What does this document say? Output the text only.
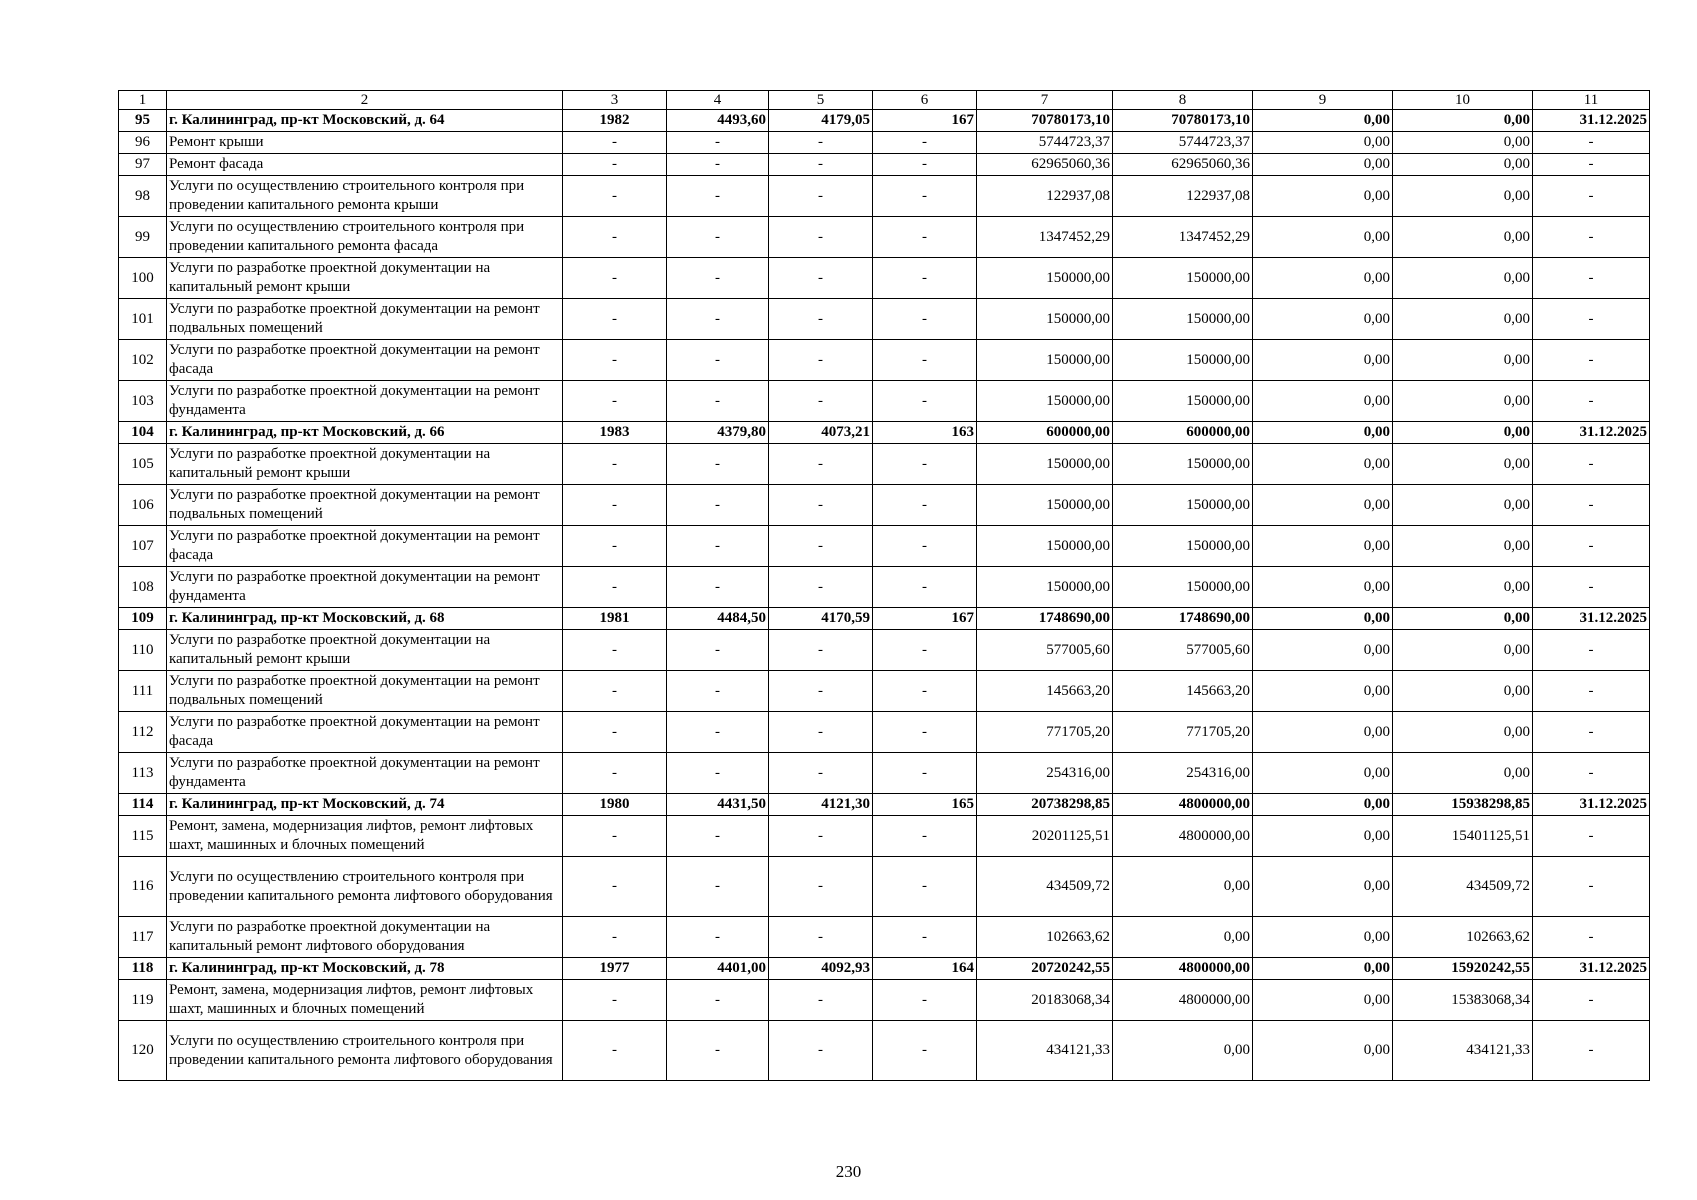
1	2	3	4	5	6	7	8	9	10	11
95	г. Калининград, пр-кт Московский, д. 64	1982	4493,60	4179,05	167	70780173,10	70780173,10	0,00	0,00	31.12.2025
96	Ремонт крыши	-	-	-	-	5744723,37	5744723,37	0,00	0,00	-
97	Ремонт фасада	-	-	-	-	62965060,36	62965060,36	0,00	0,00	-
98	Услуги по осуществлению строительного контроля при проведении капитального ремонта крыши	-	-	-	-	122937,08	122937,08	0,00	0,00	-
99	Услуги по осуществлению строительного контроля при проведении капитального ремонта фасада	-	-	-	-	1347452,29	1347452,29	0,00	0,00	-
100	Услуги по разработке проектной документации на капитальный ремонт крыши	-	-	-	-	150000,00	150000,00	0,00	0,00	-
101	Услуги по разработке проектной документации на ремонт подвальных помещений	-	-	-	-	150000,00	150000,00	0,00	0,00	-
102	Услуги по разработке проектной документации на ремонт фасада	-	-	-	-	150000,00	150000,00	0,00	0,00	-
103	Услуги по разработке проектной документации на ремонт фундамента	-	-	-	-	150000,00	150000,00	0,00	0,00	-
104	г. Калининград, пр-кт Московский, д. 66	1983	4379,80	4073,21	163	600000,00	600000,00	0,00	0,00	31.12.2025
105	Услуги по разработке проектной документации на капитальный ремонт крыши	-	-	-	-	150000,00	150000,00	0,00	0,00	-
106	Услуги по разработке проектной документации на ремонт подвальных помещений	-	-	-	-	150000,00	150000,00	0,00	0,00	-
107	Услуги по разработке проектной документации на ремонт фасада	-	-	-	-	150000,00	150000,00	0,00	0,00	-
108	Услуги по разработке проектной документации на ремонт фундамента	-	-	-	-	150000,00	150000,00	0,00	0,00	-
109	г. Калининград, пр-кт Московский, д. 68	1981	4484,50	4170,59	167	1748690,00	1748690,00	0,00	0,00	31.12.2025
110	Услуги по разработке проектной документации на капитальный ремонт крыши	-	-	-	-	577005,60	577005,60	0,00	0,00	-
111	Услуги по разработке проектной документации на ремонт подвальных помещений	-	-	-	-	145663,20	145663,20	0,00	0,00	-
112	Услуги по разработке проектной документации на ремонт фасада	-	-	-	-	771705,20	771705,20	0,00	0,00	-
113	Услуги по разработке проектной документации на ремонт фундамента	-	-	-	-	254316,00	254316,00	0,00	0,00	-
114	г. Калининград, пр-кт Московский, д. 74	1980	4431,50	4121,30	165	20738298,85	4800000,00	0,00	15938298,85	31.12.2025
115	Ремонт, замена, модернизация лифтов, ремонт лифтовых шахт, машинных и блочных помещений	-	-	-	-	20201125,51	4800000,00	0,00	15401125,51	-
116	Услуги по осуществлению строительного контроля при проведении капитального ремонта лифтового оборудования	-	-	-	-	434509,72	0,00	0,00	434509,72	-
117	Услуги по разработке проектной документации на капитальный ремонт лифтового оборудования	-	-	-	-	102663,62	0,00	0,00	102663,62	-
118	г. Калининград, пр-кт Московский, д. 78	1977	4401,00	4092,93	164	20720242,55	4800000,00	0,00	15920242,55	31.12.2025
119	Ремонт, замена, модернизация лифтов, ремонт лифтовых шахт, машинных и блочных помещений	-	-	-	-	20183068,34	4800000,00	0,00	15383068,34	-
120	Услуги по осуществлению строительного контроля при проведении капитального ремонта лифтового оборудования	-	-	-	-	434121,33	0,00	0,00	434121,33	-
230
